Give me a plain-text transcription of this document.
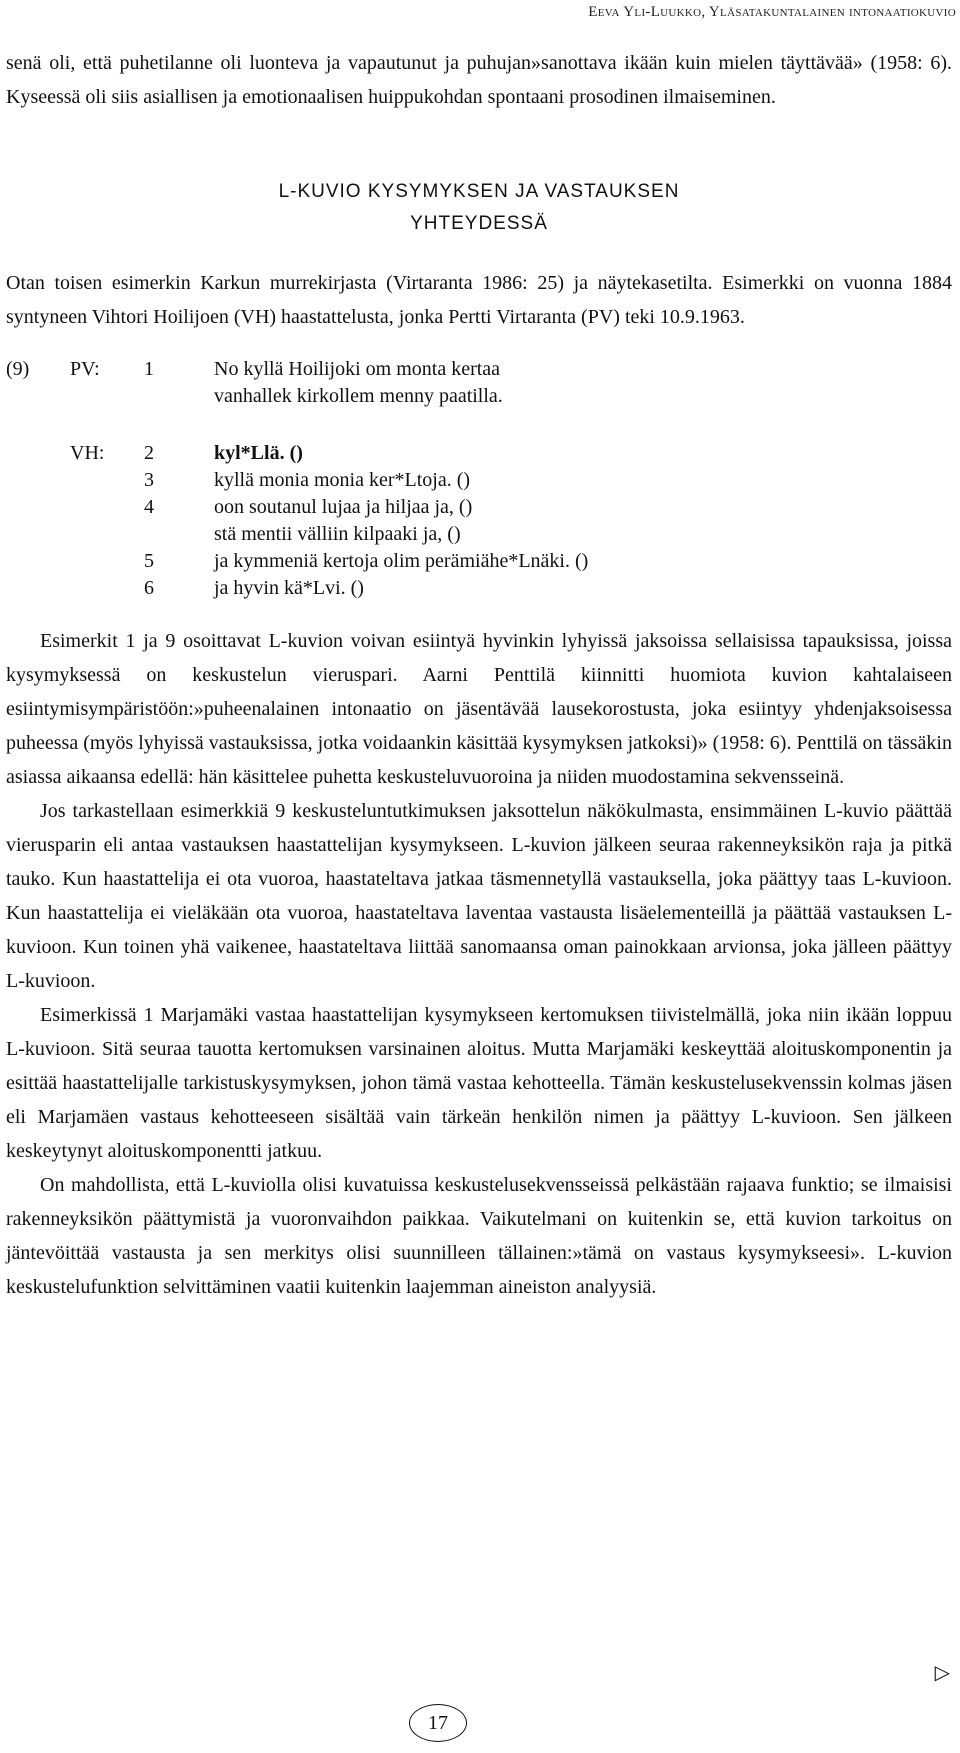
Eeva Yli-Luukko, Yläsatakuntalainen intonaatiokuvio

senä oli, että puhetilanne oli luonteva ja vapautunut ja puhujan»sanottava ikään kuin mielen täyttävää» (1958: 6). Kyseessä oli siis asiallisen ja emotionaalisen huippukohdan spontaani prosodinen ilmaiseminen.

L-KUVIO KYSYMYKSEN JA VASTAUKSEN
YHTEYDESSÄ

Otan toisen esimerkin Karkun murrekirjasta (Virtaranta 1986: 25) ja näytekasetilta. Esimerkki on vuonna 1884 syntyneen Vihtori Hoilijoen (VH) haastattelusta, jonka Pertti Virtaranta (PV) teki 10.9.1963.

(9)	PV:	1	No kyllä Hoilijoki om monta kertaa
vanhallek kirkollem menny paatilla.
VH:	2	kyl*Llä. ()
3	kyllä monia monia ker*Ltoja. ()
4	oon soutanul lujaa ja hiljaa ja, ()
stä mentii välliin kilpaaki ja, ()
5	ja kymmeniä kertoja olim perämiähe*Lnäki. ()
6	ja hyvin kä*Lvi. ()

Esimerkit 1 ja 9 osoittavat L-kuvion voivan esiintyä hyvinkin lyhyissä jaksoissa sellaisissa tapauksissa, joissa kysymyksessä on keskustelun vieruspari. Aarni Penttilä kiinnitti huomiota kuvion kahtalaiseen esiintymisympäristöön:»puheenalainen intonaatio on jäsentävää lausekorostusta, joka esiintyy yhdenjaksoisessa puheessa (myös lyhyissä vastauksissa, jotka voidaankin käsittää kysymyksen jatkoksi)» (1958: 6). Penttilä on tässäkin asiassa aikaansa edellä: hän käsittelee puhetta keskusteluvuoroina ja niiden muodostamina sekvensseinä.

Jos tarkastellaan esimerkkiä 9 keskusteluntutkimuksen jaksottelun näkökulmasta, ensimmäinen L-kuvio päättää vierusparin eli antaa vastauksen haastattelijan kysymykseen. L-kuvion jälkeen seuraa rakenneyksikön raja ja pitkä tauko. Kun haastattelija ei ota vuoroa, haastateltava jatkaa täsmennetyllä vastauksella, joka päättyy taas L-kuvioon. Kun haastattelija ei vieläkään ota vuoroa, haastateltava laventaa vastausta lisäelementeillä ja päättää vastauksen L-kuvioon. Kun toinen yhä vaikenee, haastateltava liittää sanomaansa oman painokkaan arvionsa, joka jälleen päättyy L-kuvioon.

Esimerkissä 1 Marjamäki vastaa haastattelijan kysymykseen kertomuksen tiivistelmällä, joka niin ikään loppuu L-kuvioon. Sitä seuraa tauotta kertomuksen varsinainen aloitus. Mutta Marjamäki keskeyttää aloituskomponentin ja esittää haastattelijalle tarkistuskysymyksen, johon tämä vastaa kehotteella. Tämän keskustelusekvenssin kolmas jäsen eli Marjamäen vastaus kehotteeseen sisältää vain tärkeän henkilön nimen ja päättyy L-kuvioon. Sen jälkeen keskeytynyt aloituskomponentti jatkuu.

On mahdollista, että L-kuviolla olisi kuvatuissa keskustelusekvensseissä pelkästään rajaava funktio; se ilmaisisi rakenneyksikön päättymistä ja vuoronvaihdon paikkaa. Vaikutelmani on kuitenkin se, että kuvion tarkoitus on jäntevöittää vastausta ja sen merkitys olisi suunnilleen tällainen:»tämä on vastaus kysymykseesi». L-kuvion keskustelufunktion selvittäminen vaatii kuitenkin laajemman aineiston analyysiä.

▷
17
